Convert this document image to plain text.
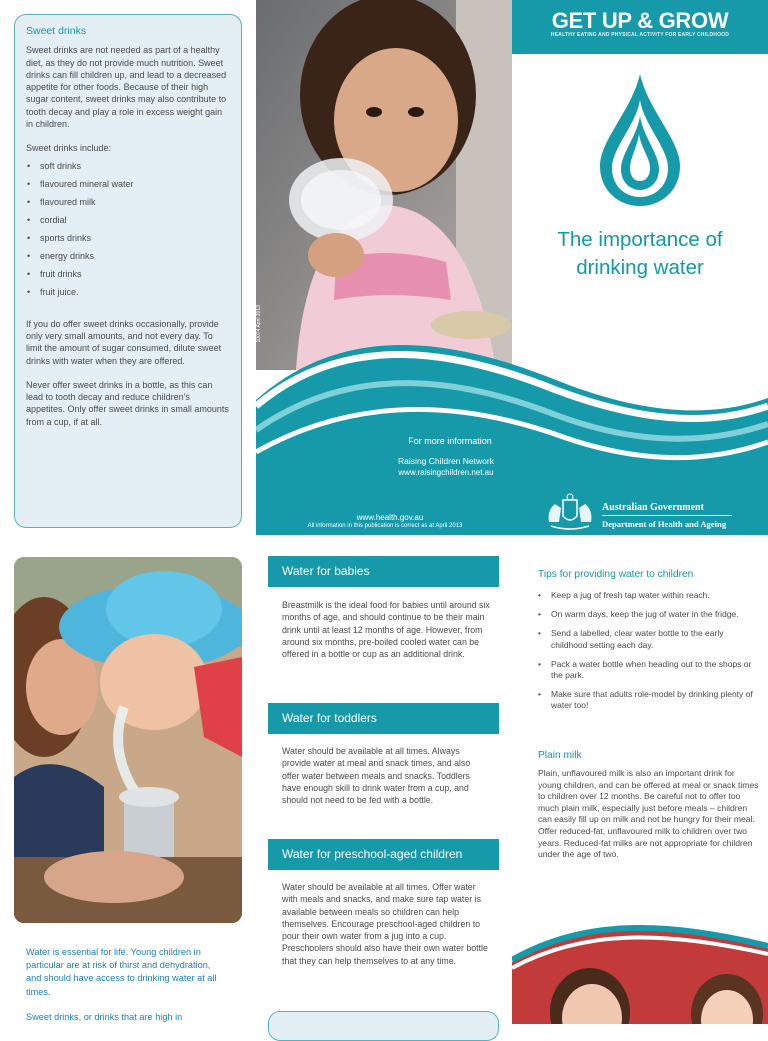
Sweet drinks

Sweet drinks are not needed as part of a healthy diet, as they do not provide much nutrition. Sweet drinks can fill children up, and lead to a decreased appetite for other foods. Because of their high sugar content, sweet drinks may also contribute to tooth decay and play a role in excess weight gain in children.

Sweet drinks include:

• soft drinks
• flavoured mineral water
• flavoured milk
• cordial
• sports drinks
• energy drinks
• fruit drinks
• fruit juice.

If you do offer sweet drinks occasionally, provide only very small amounts, and not every day. To limit the amount of sugar consumed, dilute sweet drinks with water when they are offered.

Never offer sweet drinks in a bottle, as this can lead to tooth decay and reduce children's appetites. Only offer sweet drinks in small amounts from a cup, if at all.

10074 April 2013
GET UP & GROW
HEALTHY EATING AND PHYSICAL ACTIVITY FOR EARLY CHILDHOOD
The importance of
drinking water
For more information
Raising Children Network
www.raisingchildren.net.au
www.health.gov.au
All information in this publication is correct as at April 2013
Australian Government
Department of Health and Ageing
Water is essential for life. Young children in particular are at risk of thirst and dehydration, and should have access to drinking water at all times.
Sweet drinks, or drinks that are high in
Water for babies
Breastmilk is the ideal food for babies until around six months of age, and should continue to be their main drink until at least 12 months of age. However, from around six months, pre-boiled cooled water can be offered in a bottle or cup as an additional drink.
Water for toddlers
Water should be available at all times. Always provide water at meal and snack times, and also offer water between meals and snacks. Toddlers have enough skill to drink water from a cup, and should not need to be fed with a bottle.
Water for preschool-aged children
Water should be available at all times. Offer water with meals and snacks, and make sure tap water is available between meals so children can help themselves. Encourage preschool-aged children to pour their own water from a jug into a cup. Preschoolers should also have their own water bottle that they can help themselves to at any time.
Tips for providing water to children
• Keep a jug of fresh tap water within reach.
• On warm days, keep the jug of water in the fridge.
• Send a labelled, clear water bottle to the early childhood setting each day.
• Pack a water bottle when heading out to the shops or the park.
• Make sure that adults role-model by drinking plenty of water too!
Plain milk
Plain, unflavoured milk is also an important drink for young children, and can be offered at meal or snack times to children over 12 months. Be careful not to offer too much plain milk, especially just before meals – children can easily fill up on milk and not be hungry for their meal. Offer reduced-fat, unflavoured milk to children over two years. Reduced-fat milks are not appropriate for children under the age of two.
